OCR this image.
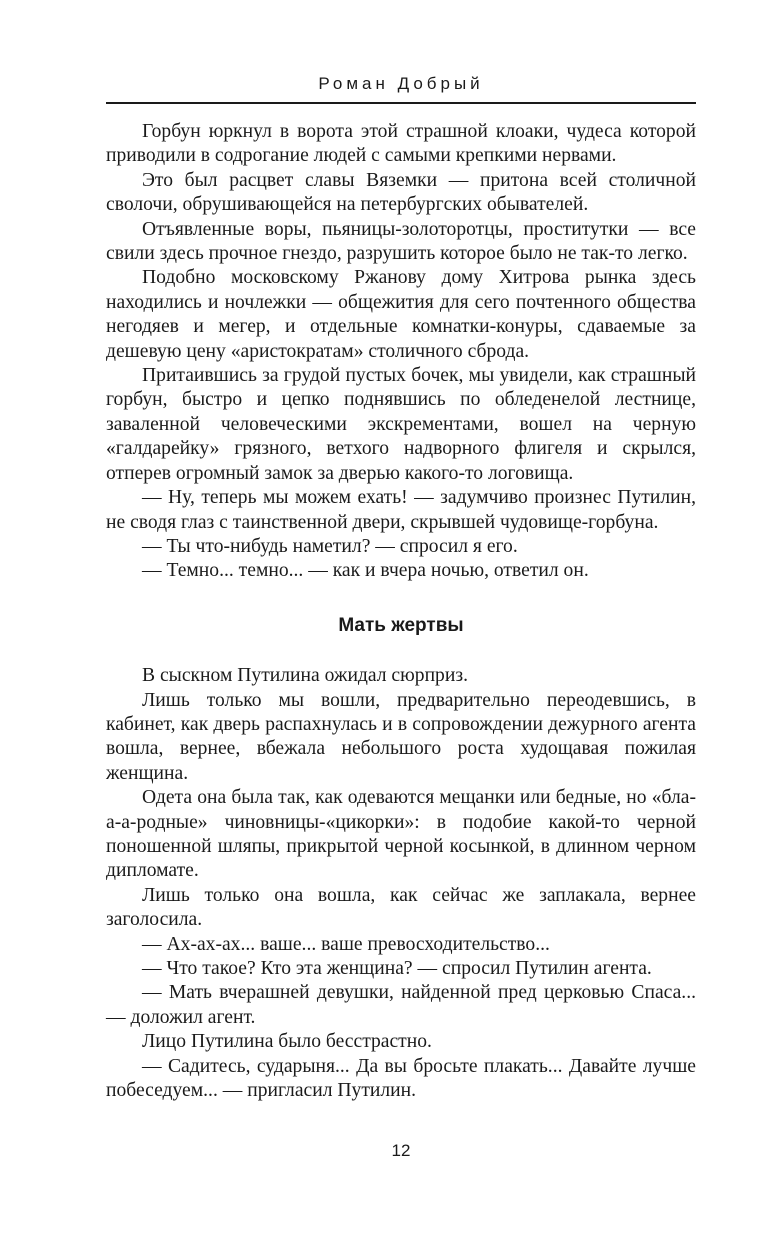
Роман Добрый

Горбун юркнул в ворота этой страшной клоаки, чудеса которой приводили в содрогание людей с самыми крепкими нервами.

Это был расцвет славы Вяземки — притона всей столичной сволочи, обрушивающейся на петербургских обывателей.

Отъявленные воры, пьяницы-золоторотцы, проститутки — все свили здесь прочное гнездо, разрушить которое было не так-то легко.

Подобно московскому Ржанову дому Хитрова рынка здесь находились и ночлежки — общежития для сего почтенного общества негодяев и мегер, и отдельные комнатки-конуры, сдаваемые за дешевую цену «аристократам» столичного сброда.

Притаившись за грудой пустых бочек, мы увидели, как страшный горбун, быстро и цепко поднявшись по обледенелой лестнице, заваленной человеческими экскрементами, вошел на черную «галдарейку» грязного, ветхого надворного флигеля и скрылся, отперев огромный замок за дверью какого-то логовища.

— Ну, теперь мы можем ехать! — задумчиво произнес Путилин, не сводя глаз с таинственной двери, скрывшей чудовище-горбуна.

— Ты что-нибудь наметил? — спросил я его.

— Темно... темно... — как и вчера ночью, ответил он.

Мать жертвы

В сыскном Путилина ожидал сюрприз.

Лишь только мы вошли, предварительно переодевшись, в кабинет, как дверь распахнулась и в сопровождении дежурного агента вошла, вернее, вбежала небольшого роста худощавая пожилая женщина.

Одета она была так, как одеваются мещанки или бедные, но «бла-а-а-родные» чиновницы-«цикорки»: в подобие какой-то черной поношенной шляпы, прикрытой черной косынкой, в длинном черном дипломате.

Лишь только она вошла, как сейчас же заплакала, вернее заголосила.

— Ах-ах-ах... ваше... ваше превосходительство...

— Что такое? Кто эта женщина? — спросил Путилин агента.

— Мать вчерашней девушки, найденной пред церковью Спаса... — доложил агент.

Лицо Путилина было бесстрастно.

— Садитесь, сударыня... Да вы бросьте плакать... Давайте лучше побеседуем... — пригласил Путилин.

12
